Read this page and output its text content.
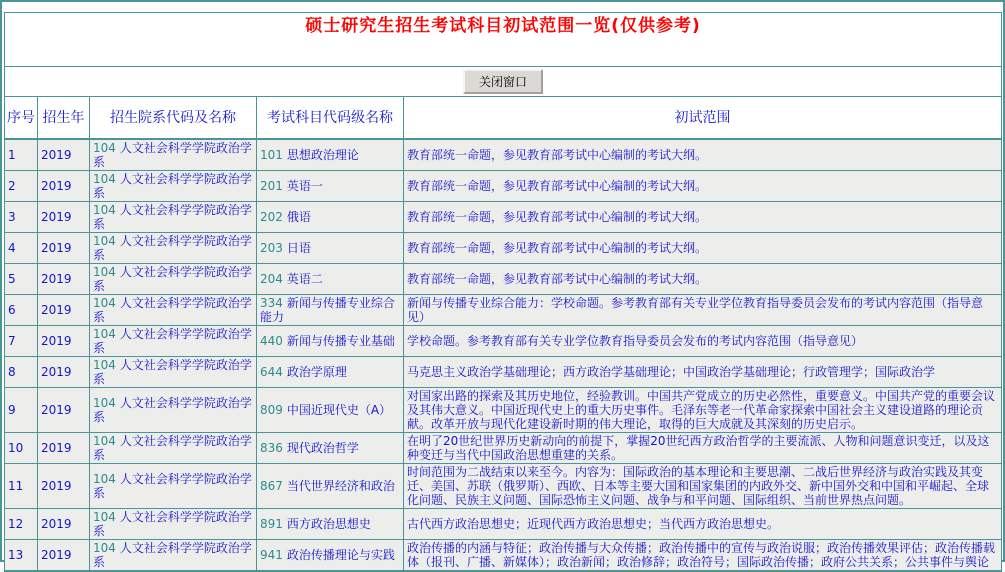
硕士研究生招生考试科目初试范围一览(仅供参考)				
关闭窗口				
序号	招生年	招生院系代码及名称	考试科目代码级名称	初试范围
1	2019	104 人文社会科学学院政治学系	101 思想政治理论	教育部统一命题，参见教育部考试中心编制的考试大纲。
2	2019	104 人文社会科学学院政治学系	201 英语一	教育部统一命题，参见教育部考试中心编制的考试大纲。
3	2019	104 人文社会科学学院政治学系	202 俄语	教育部统一命题，参见教育部考试中心编制的考试大纲。
4	2019	104 人文社会科学学院政治学系	203 日语	教育部统一命题，参见教育部考试中心编制的考试大纲。
5	2019	104 人文社会科学学院政治学系	204 英语二	教育部统一命题，参见教育部考试中心编制的考试大纲。
6	2019	104 人文社会科学学院政治学系	334 新闻与传播专业综合能力	新闻与传播专业综合能力：学校命题。参考教育部有关专业学位教育指导委员会发布的考试内容范围（指导意见）
7	2019	104 人文社会科学学院政治学系	440 新闻与传播专业基础	学校命题。参考教育部有关专业学位教育指导委员会发布的考试内容范围（指导意见）
8	2019	104 人文社会科学学院政治学系	644 政治学原理	马克思主义政治学基础理论；西方政治学基础理论；中国政治学基础理论；行政管理学；国际政治学
9	2019	104 人文社会科学学院政治学系	809 中国近现代史（A）	对国家出路的探索及其历史地位，经验教训。中国共产党成立的历史必然性，重要意义。中国共产党的重要会议及其伟大意义。中国近现代史上的重大历史事件。毛泽东等老一代革命家探索中国社会主义建设道路的理论贡献。改革开放与现代化建设新时期的伟大理论，取得的巨大成就及其深刻的历史启示。
10	2019	104 人文社会科学学院政治学系	836 现代政治哲学	在明了20世纪世界历史新动向的前提下，掌握20世纪西方政治哲学的主要流派、人物和问题意识变迁，以及这种变迁与当代中国政治思想重建的关系。
11	2019	104 人文社会科学学院政治学系	867 当代世界经济和政治	时间范围为二战结束以来至今。内容为：国际政治的基本理论和主要思潮、二战后世界经济与政治实践及其变迁、美国、苏联（俄罗斯）、西欧、日本等主要大国和国家集团的内政外交、新中国外交和中国和平崛起、全球化问题、民族主义问题、国际恐怖主义问题、战争与和平问题、国际组织、当前世界热点问题。
12	2019	104 人文社会科学学院政治学系	891 西方政治思想史	古代西方政治思想史；近现代西方政治思想史；当代西方政治思想史。
13	2019	104 人文社会科学学院政治学系	941 政治传播理论与实践	政治传播的内涵与特征；政治传播与大众传播；政治传播中的宣传与政治说服；政治传播效果评估；政治传播载体（报刊、广播、新媒体）；政治新闻；政治修辞；政治符号；国际政治传播；政府公共关系；公共事件与舆论
